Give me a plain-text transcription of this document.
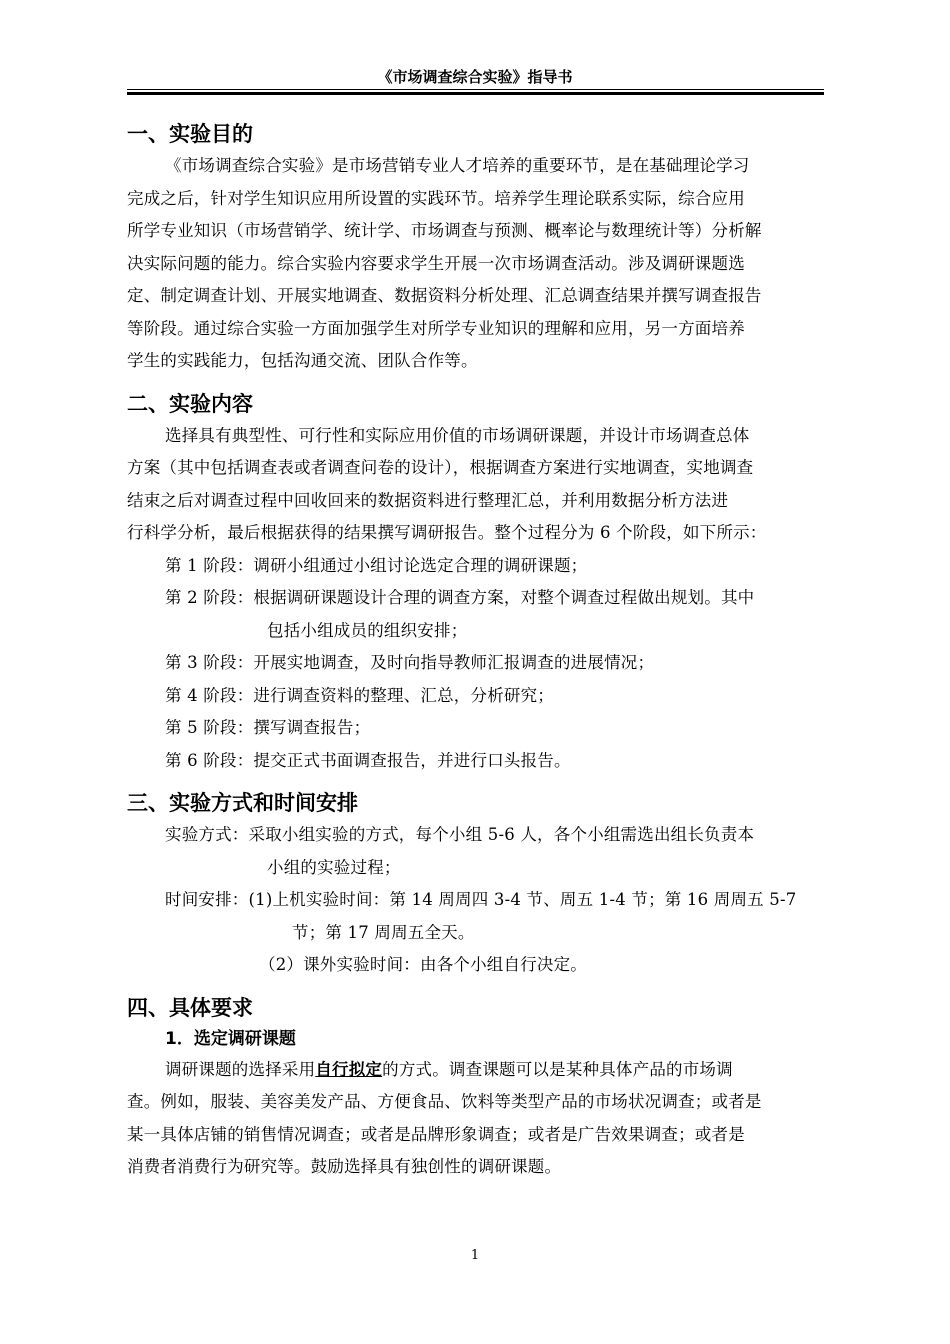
《市场调查综合实验》指导书
一、实验目的

《市场调查综合实验》是市场营销专业人才培养的重要环节，是在基础理论学习

完成之后，针对学生知识应用所设置的实践环节。培养学生理论联系实际，综合应用

所学专业知识（市场营销学、统计学、市场调查与预测、概率论与数理统计等）分析解

决实际问题的能力。综合实验内容要求学生开展一次市场调查活动。涉及调研课题选

定、制定调查计划、开展实地调查、数据资料分析处理、汇总调查结果并撰写调查报告

等阶段。通过综合实验一方面加强学生对所学专业知识的理解和应用，另一方面培养

学生的实践能力，包括沟通交流、团队合作等。

二、实验内容

选择具有典型性、可行性和实际应用价值的市场调研课题，并设计市场调查总体

方案（其中包括调查表或者调查问卷的设计），根据调查方案进行实地调查，实地调查

结束之后对调查过程中回收回来的数据资料进行整理汇总，并利用数据分析方法进

行科学分析，最后根据获得的结果撰写调研报告。整个过程分为 6 个阶段，如下所示：

第 1 阶段：调研小组通过小组讨论选定合理的调研课题；

第 2 阶段：根据调研课题设计合理的调查方案，对整个调查过程做出规划。其中

包括小组成员的组织安排；

第 3 阶段：开展实地调查，及时向指导教师汇报调查的进展情况；

第 4 阶段：进行调查资料的整理、汇总，分析研究；

第 5 阶段：撰写调查报告；

第 6 阶段：提交正式书面调查报告，并进行口头报告。

三、实验方式和时间安排

实验方式：采取小组实验的方式，每个小组 5-6 人，各个小组需选出组长负责本

小组的实验过程；

时间安排：(1)上机实验时间：第 14 周周四 3-4 节、周五 1-4 节；第 16 周周五 5-7

节；第 17 周周五全天。

（2）课外实验时间：由各个小组自行决定。

四、具体要求
1．选定调研课题

调研课题的选择采用自行拟定的方式。调查课题可以是某种具体产品的市场调

查。例如，服装、美容美发产品、方便食品、饮料等类型产品的市场状况调查；或者是

某一具体店铺的销售情况调查；或者是品牌形象调查；或者是广告效果调查；或者是

消费者消费行为研究等。鼓励选择具有独创性的调研课题。

1
